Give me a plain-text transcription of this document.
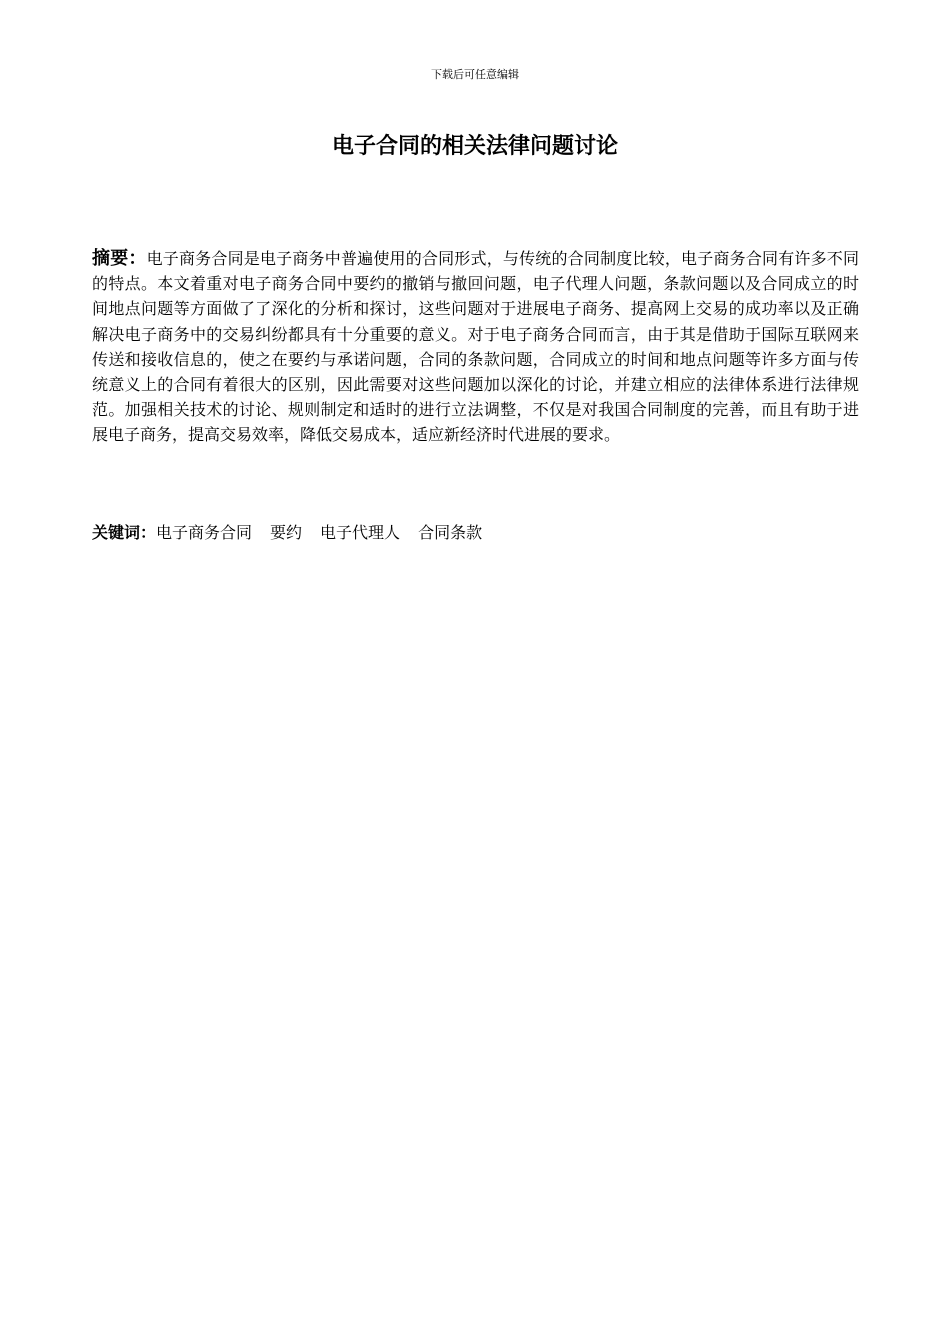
下载后可任意编辑
电子合同的相关法律问题讨论

摘要：电子商务合同是电子商务中普遍使用的合同形式，与传统的合同制度比较，电子商务合同有许多不同的特点。本文着重对电子商务合同中要约的撤销与撤回问题，电子代理人问题，条款问题以及合同成立的时间地点问题等方面做了了深化的分析和探讨，这些问题对于进展电子商务、提高网上交易的成功率以及正确解决电子商务中的交易纠纷都具有十分重要的意义。对于电子商务合同而言，由于其是借助于国际互联网来传送和接收信息的，使之在要约与承诺问题，合同的条款问题，合同成立的时间和地点问题等许多方面与传统意义上的合同有着很大的区别，因此需要对这些问题加以深化的讨论，并建立相应的法律体系进行法律规范。加强相关技术的讨论、规则制定和适时的进行立法调整，不仅是对我国合同制度的完善，而且有助于进展电子商务，提高交易效率，降低交易成本，适应新经济时代进展的要求。

关键词：电子商务合同 要约 电子代理人 合同条款
